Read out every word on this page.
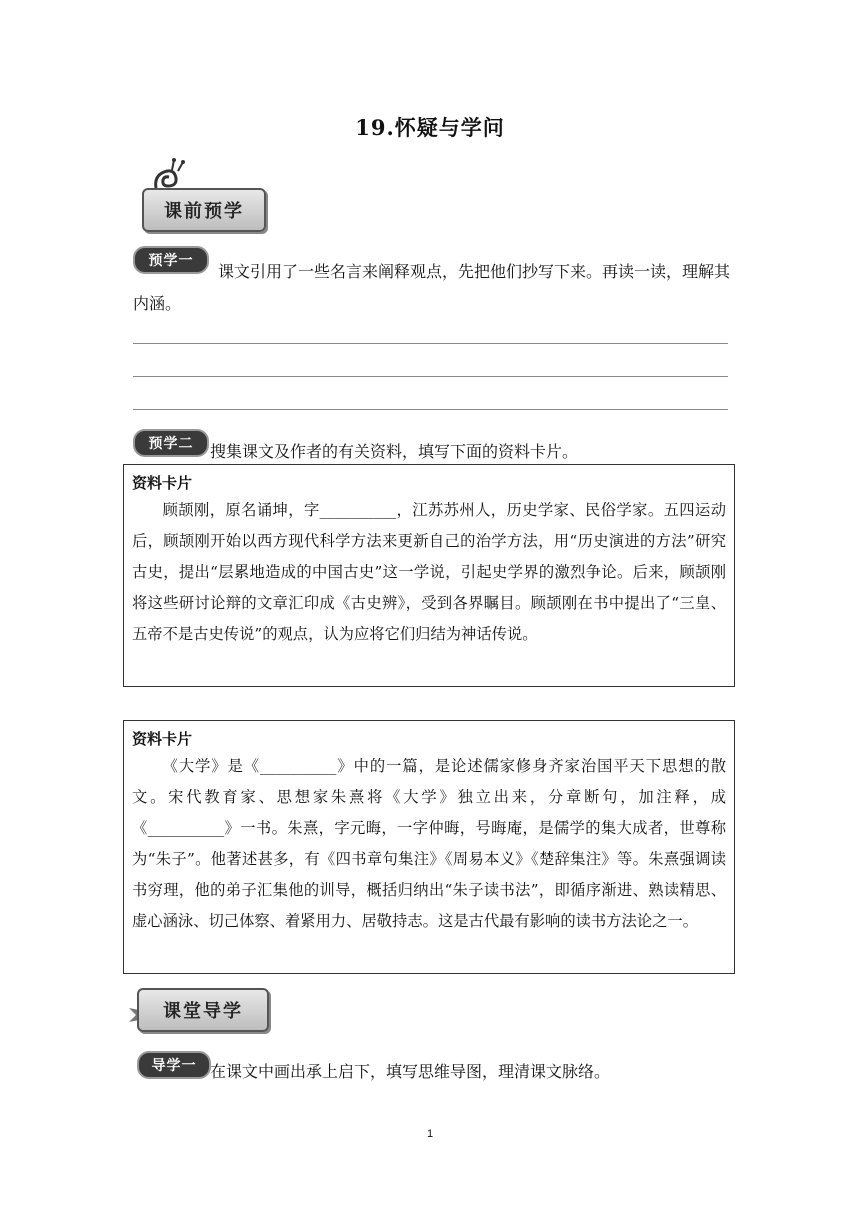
19.怀疑与学问
课前预学
预学一
课文引用了一些名言来阐释观点，先把他们抄写下来。再读一读，理解其内涵。
预学二	搜集课文及作者的有关资料，填写下面的资料卡片。
资料卡片
顾颉刚，原名诵坤，字__________，江苏苏州人，历史学家、民俗学家。五四运动后，顾颉刚开始以西方现代科学方法来更新自己的治学方法，用“历史演进的方法”研究古史，提出“层累地造成的中国古史”这一学说，引起史学界的激烈争论。后来，顾颉刚将这些研讨论辩的文章汇印成《古史辨》，受到各界瞩目。顾颉刚在书中提出了“三皇、五帝不是古史传说”的观点，认为应将它们归结为神话传说。
资料卡片
《大学》是《__________》中的一篇，是论述儒家修身齐家治国平天下思想的散文。宋代教育家、思想家朱熹将《大学》独立出来，分章断句，加注释，成《__________》一书。朱熹，字元晦，一字仲晦，号晦庵，是儒学的集大成者，世尊称为“朱子”。他著述甚多，有《四书章句集注》《周易本义》《楚辞集注》等。朱熹强调读书穷理，他的弟子汇集他的训导，概括归纳出“朱子读书法”，即循序渐进、熟读精思、虚心涵泳、切己体察、着紧用力、居敬持志。这是古代最有影响的读书方法论之一。
课堂导学
导学一 在课文中画出承上启下，填写思维导图，理清课文脉络。
1
